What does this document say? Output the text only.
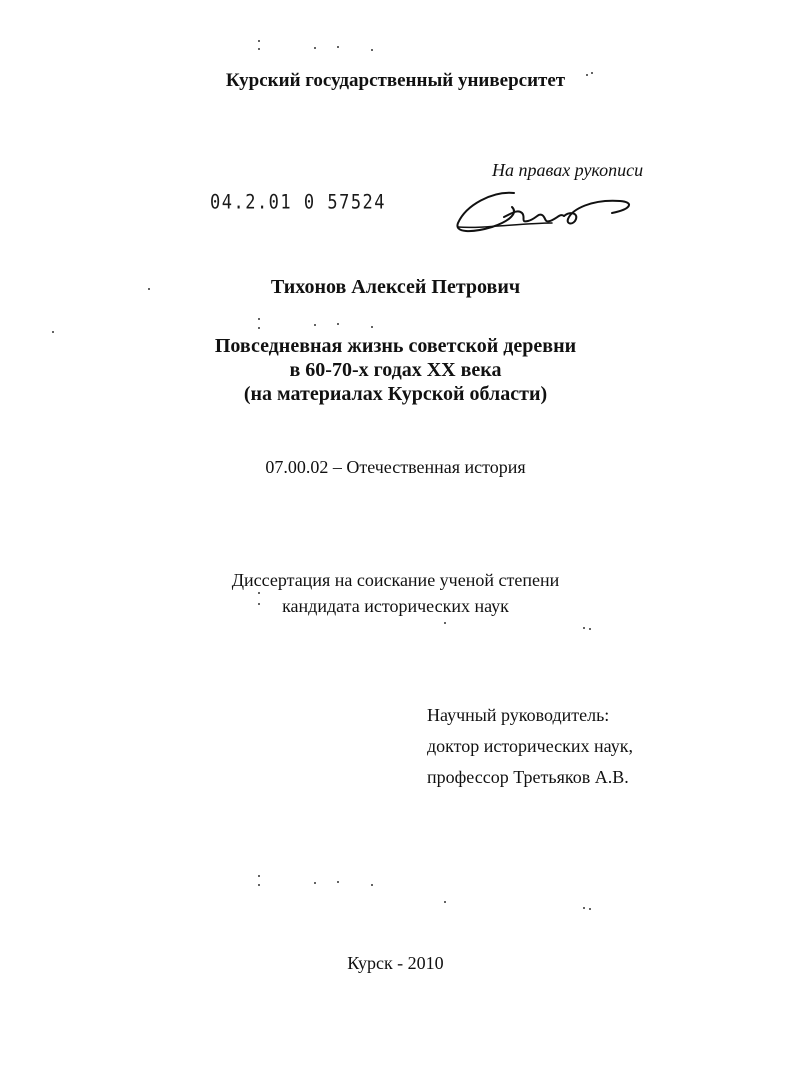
Курский государственный университет
На правах рукописи
04.2.01 0 57524
Тихонов Алексей Петрович
Повседневная жизнь советской деревни
в 60-70-х годах XX века
(на материалах Курской области)
07.00.02 – Отечественная история
Диссертация на соискание ученой степени
кандидата исторических наук
Научный руководитель:
доктор исторических наук,
профессор Третьяков А.В.
Курск - 2010
